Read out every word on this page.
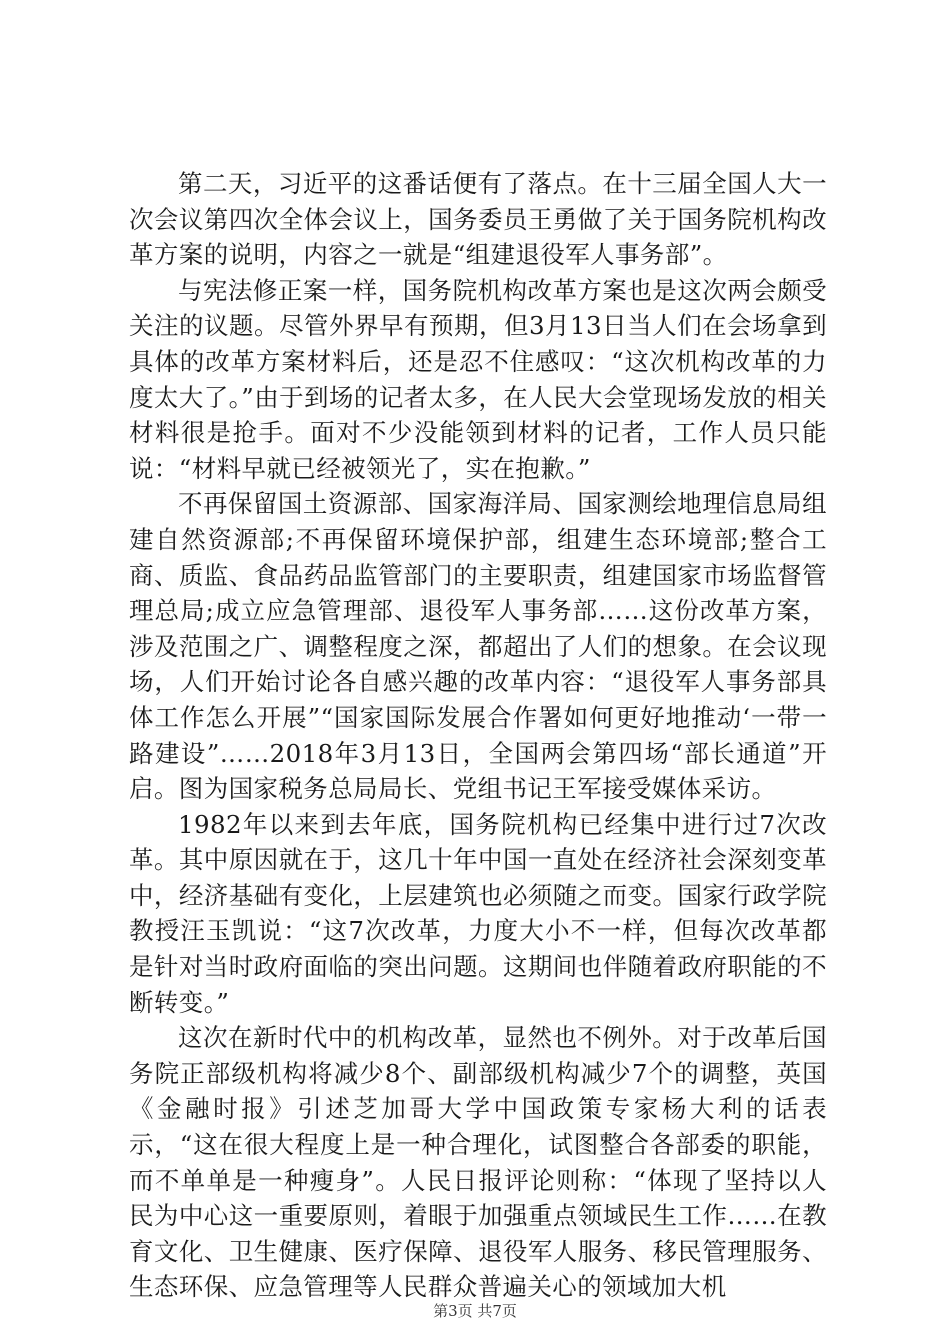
第二天，习近平的这番话便有了落点。在十三届全国人大一次会议第四次全体会议上，国务委员王勇做了关于国务院机构改革方案的说明，内容之一就是“组建退役军人事务部”。

与宪法修正案一样，国务院机构改革方案也是这次两会颇受关注的议题。尽管外界早有预期，但3月13日当人们在会场拿到具体的改革方案材料后，还是忍不住感叹：“这次机构改革的力度太大了。”由于到场的记者太多，在人民大会堂现场发放的相关材料很是抢手。面对不少没能领到材料的记者，工作人员只能说：“材料早就已经被领光了，实在抱歉。”

不再保留国土资源部、国家海洋局、国家测绘地理信息局组建自然资源部;不再保留环境保护部，组建生态环境部;整合工商、质监、食品药品监管部门的主要职责，组建国家市场监督管理总局;成立应急管理部、退役军人事务部……这份改革方案，涉及范围之广、调整程度之深，都超出了人们的想象。在会议现场，人们开始讨论各自感兴趣的改革内容：“退役军人事务部具体工作怎么开展”“国家国际发展合作署如何更好地推动‘一带一路建设”……2018年3月13日，全国两会第四场“部长通道”开启。图为国家税务总局局长、党组书记王军接受媒体采访。

1982年以来到去年底，国务院机构已经集中进行过7次改革。其中原因就在于，这几十年中国一直处在经济社会深刻变革中，经济基础有变化，上层建筑也必须随之而变。国家行政学院教授汪玉凯说：“这7次改革，力度大小不一样，但每次改革都是针对当时政府面临的突出问题。这期间也伴随着政府职能的不断转变。”

这次在新时代中的机构改革，显然也不例外。对于改革后国务院正部级机构将减少8个、副部级机构减少7个的调整，英国《金融时报》引述芝加哥大学中国政策专家杨大利的话表示，“这在很大程度上是一种合理化，试图整合各部委的职能，而不单单是一种瘦身”。人民日报评论则称：“体现了坚持以人民为中心这一重要原则，着眼于加强重点领域民生工作……在教育文化、卫生健康、医疗保障、退役军人服务、移民管理服务、生态环保、应急管理等人民群众普遍关心的领域加大机

第3页 共7页
